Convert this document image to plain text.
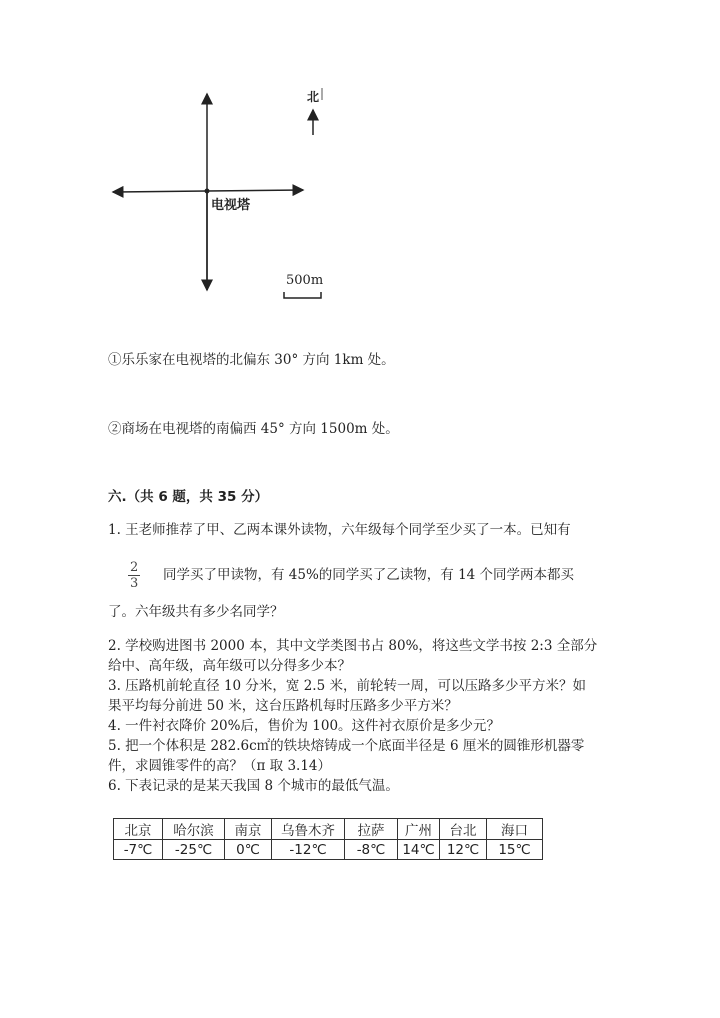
北
电视塔
500m
①乐乐家在电视塔的北偏东 30° 方向 1km 处。
②商场在电视塔的南偏西 45° 方向 1500m 处。
六.（共 6 题，共 35 分）
1. 王老师推荐了甲、乙两本课外读物，六年级每个同学至少买了一本。已知有
$\frac{2}{3}$ 同学买了甲读物，有 45%的同学买了乙读物，有 14 个同学两本都买
了。六年级共有多少名同学？
2. 学校购进图书 2000 本，其中文学类图书占 80%，将这些文学书按 2:3 全部分
给中、高年级，高年级可以分得多少本？
3. 压路机前轮直径 10 分米，宽 2.5 米，前轮转一周，可以压路多少平方米？如
果平均每分前进 50 米，这台压路机每时压路多少平方米？
4. 一件衬衣降价 20%后，售价为 100。这件衬衣原价是多少元？
5. 把一个体积是 282.6c㎡的铁块熔铸成一个底面半径是 6 厘米的圆锥形机器零
件，求圆锥零件的高？（π 取 3.14）
6. 下表记录的是某天我国 8 个城市的最低气温。
北京	哈尔滨	南京	乌鲁木齐	拉萨	广州	台北	海口
-7℃	-25℃	0℃	-12℃	-8℃	14℃	12℃	15℃
